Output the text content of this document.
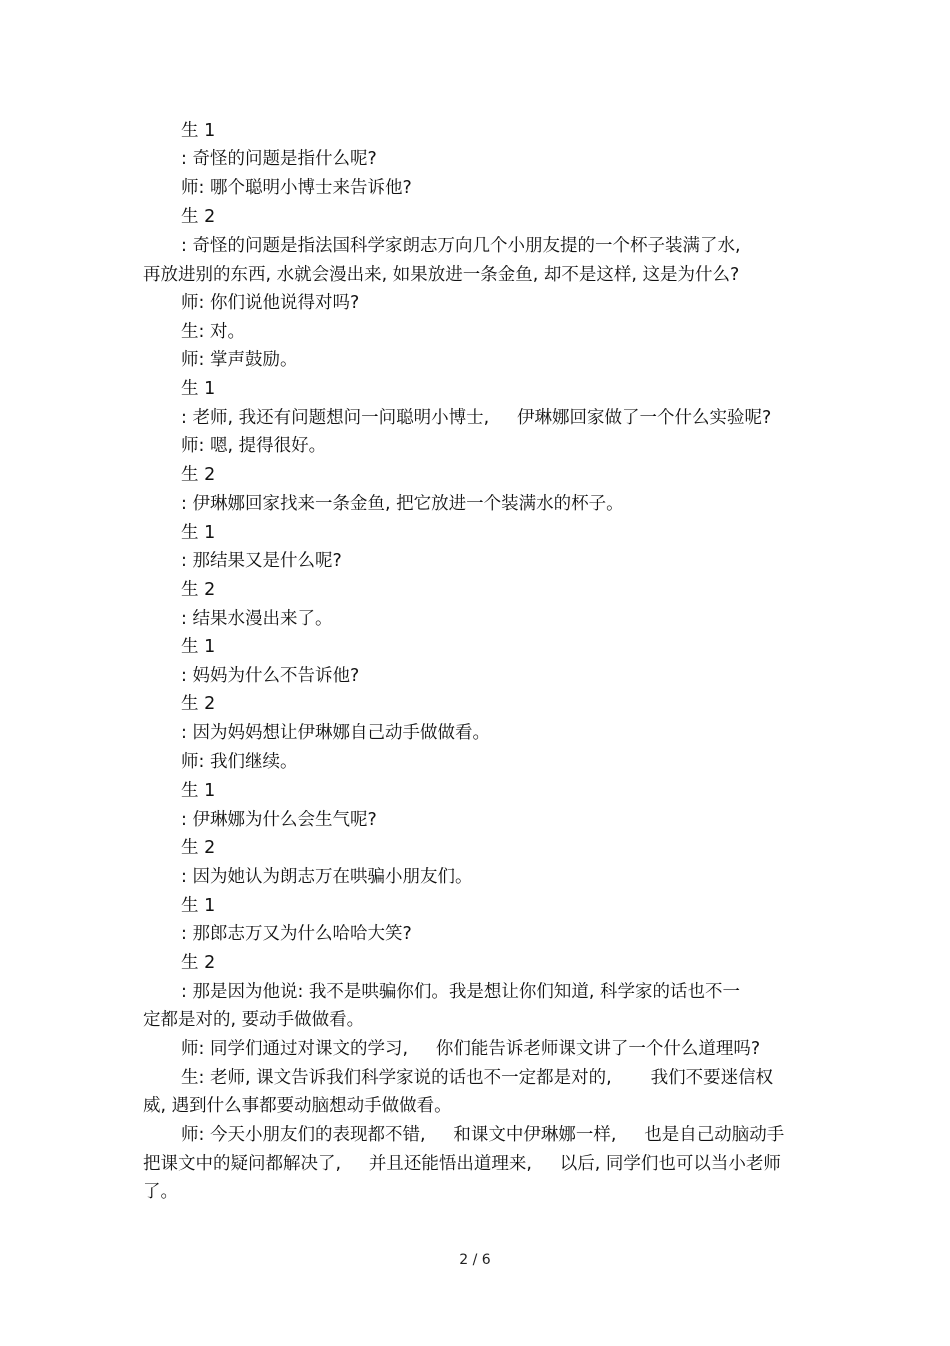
生 1
: 奇怪的问题是指什么呢?
师: 哪个聪明小博士来告诉他?
生 2
: 奇怪的问题是指法国科学家朗志万向几个小朋友提的一个杯子装满了水,
再放进别的东西, 水就会漫出来, 如果放进一条金鱼, 却不是这样, 这是为什么?
师: 你们说他说得对吗?
生: 对。
师: 掌声鼓励。
生 1
: 老师, 我还有问题想问一问聪明小博士,     伊琳娜回家做了一个什么实验呢?
师: 嗯, 提得很好。
生 2
: 伊琳娜回家找来一条金鱼, 把它放进一个装满水的杯子。
生 1
: 那结果又是什么呢?
生 2
: 结果水漫出来了。
生 1
: 妈妈为什么不告诉他?
生 2
: 因为妈妈想让伊琳娜自己动手做做看。
师: 我们继续。
生 1
: 伊琳娜为什么会生气呢?
生 2
: 因为她认为朗志万在哄骗小朋友们。
生 1
: 那郎志万又为什么哈哈大笑?
生 2
: 那是因为他说: 我不是哄骗你们。我是想让你们知道, 科学家的话也不一
定都是对的, 要动手做做看。
师: 同学们通过对课文的学习,     你们能告诉老师课文讲了一个什么道理吗?
生: 老师, 课文告诉我们科学家说的话也不一定都是对的,       我们不要迷信权
威, 遇到什么事都要动脑想动手做做看。
师: 今天小朋友们的表现都不错,     和课文中伊琳娜一样,     也是自己动脑动手
把课文中的疑问都解决了,     并且还能悟出道理来,     以后, 同学们也可以当小老师
了。
2 / 6
